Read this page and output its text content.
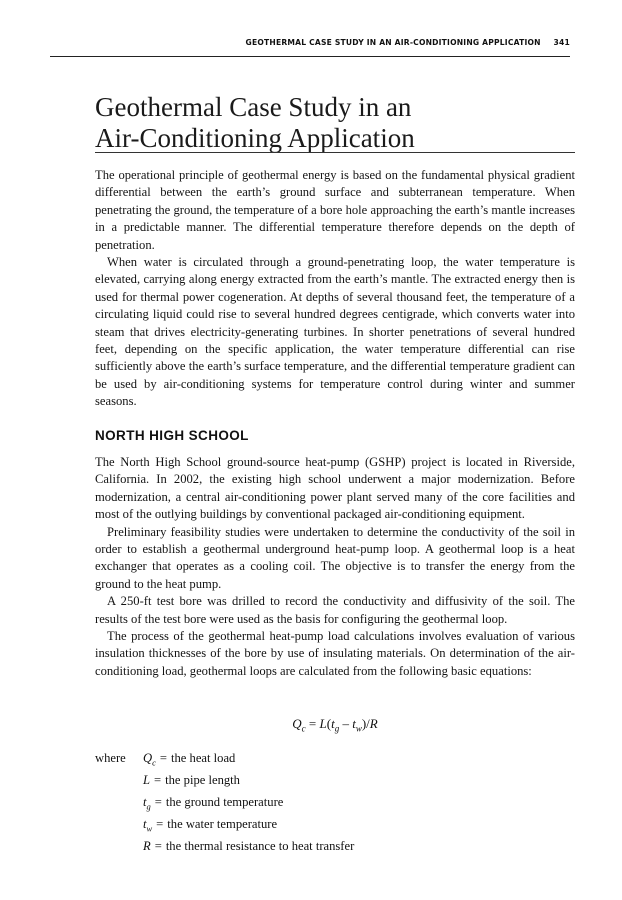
GEOTHERMAL CASE STUDY IN AN AIR-CONDITIONING APPLICATION 341
Geothermal Case Study in an
Air-Conditioning Application

The operational principle of geothermal energy is based on the fundamental physical gradient differential between the earth’s ground surface and subterranean temperature. When penetrating the ground, the temperature of a bore hole approaching the earth’s mantle increases in a predictable manner. The differential temperature therefore depends on the depth of penetration.

When water is circulated through a ground-penetrating loop, the water temperature is elevated, carrying along energy extracted from the earth’s mantle. The extracted energy then is used for thermal power cogeneration. At depths of several thousand feet, the temperature of a circulating liquid could rise to several hundred degrees centigrade, which converts water into steam that drives electricity-generating turbines. In shorter penetrations of several hundred feet, depending on the specific application, the water temperature differential can rise sufficiently above the earth’s surface temperature, and the differential temperature gradient can be used by air-conditioning systems for temperature control during winter and summer seasons.

NORTH HIGH SCHOOL

The North High School ground-source heat-pump (GSHP) project is located in Riverside, California. In 2002, the existing high school underwent a major modernization. Before modernization, a central air-conditioning power plant served many of the core facilities and most of the outlying buildings by conventional packaged air-conditioning equipment.

Preliminary feasibility studies were undertaken to determine the conductivity of the soil in order to establish a geothermal underground heat-pump loop. A geothermal loop is a heat exchanger that operates as a cooling coil. The objective is to transfer the energy from the ground to the heat pump.

A 250-ft test bore was drilled to record the conductivity and diffusivity of the soil. The results of the test bore were used as the basis for configuring the geothermal loop.

The process of the geothermal heat-pump load calculations involves evaluation of various insulation thicknesses of the bore by use of insulating materials. On determination of the air-conditioning load, geothermal loops are calculated from the following basic equations:

$Q_c = L(t_g - t_w)/R$
where	$Q_c$ = the heat load
L = the pipe length
$t_g$ = the ground temperature
$t_w$ = the water temperature
R = the thermal resistance to heat transfer
